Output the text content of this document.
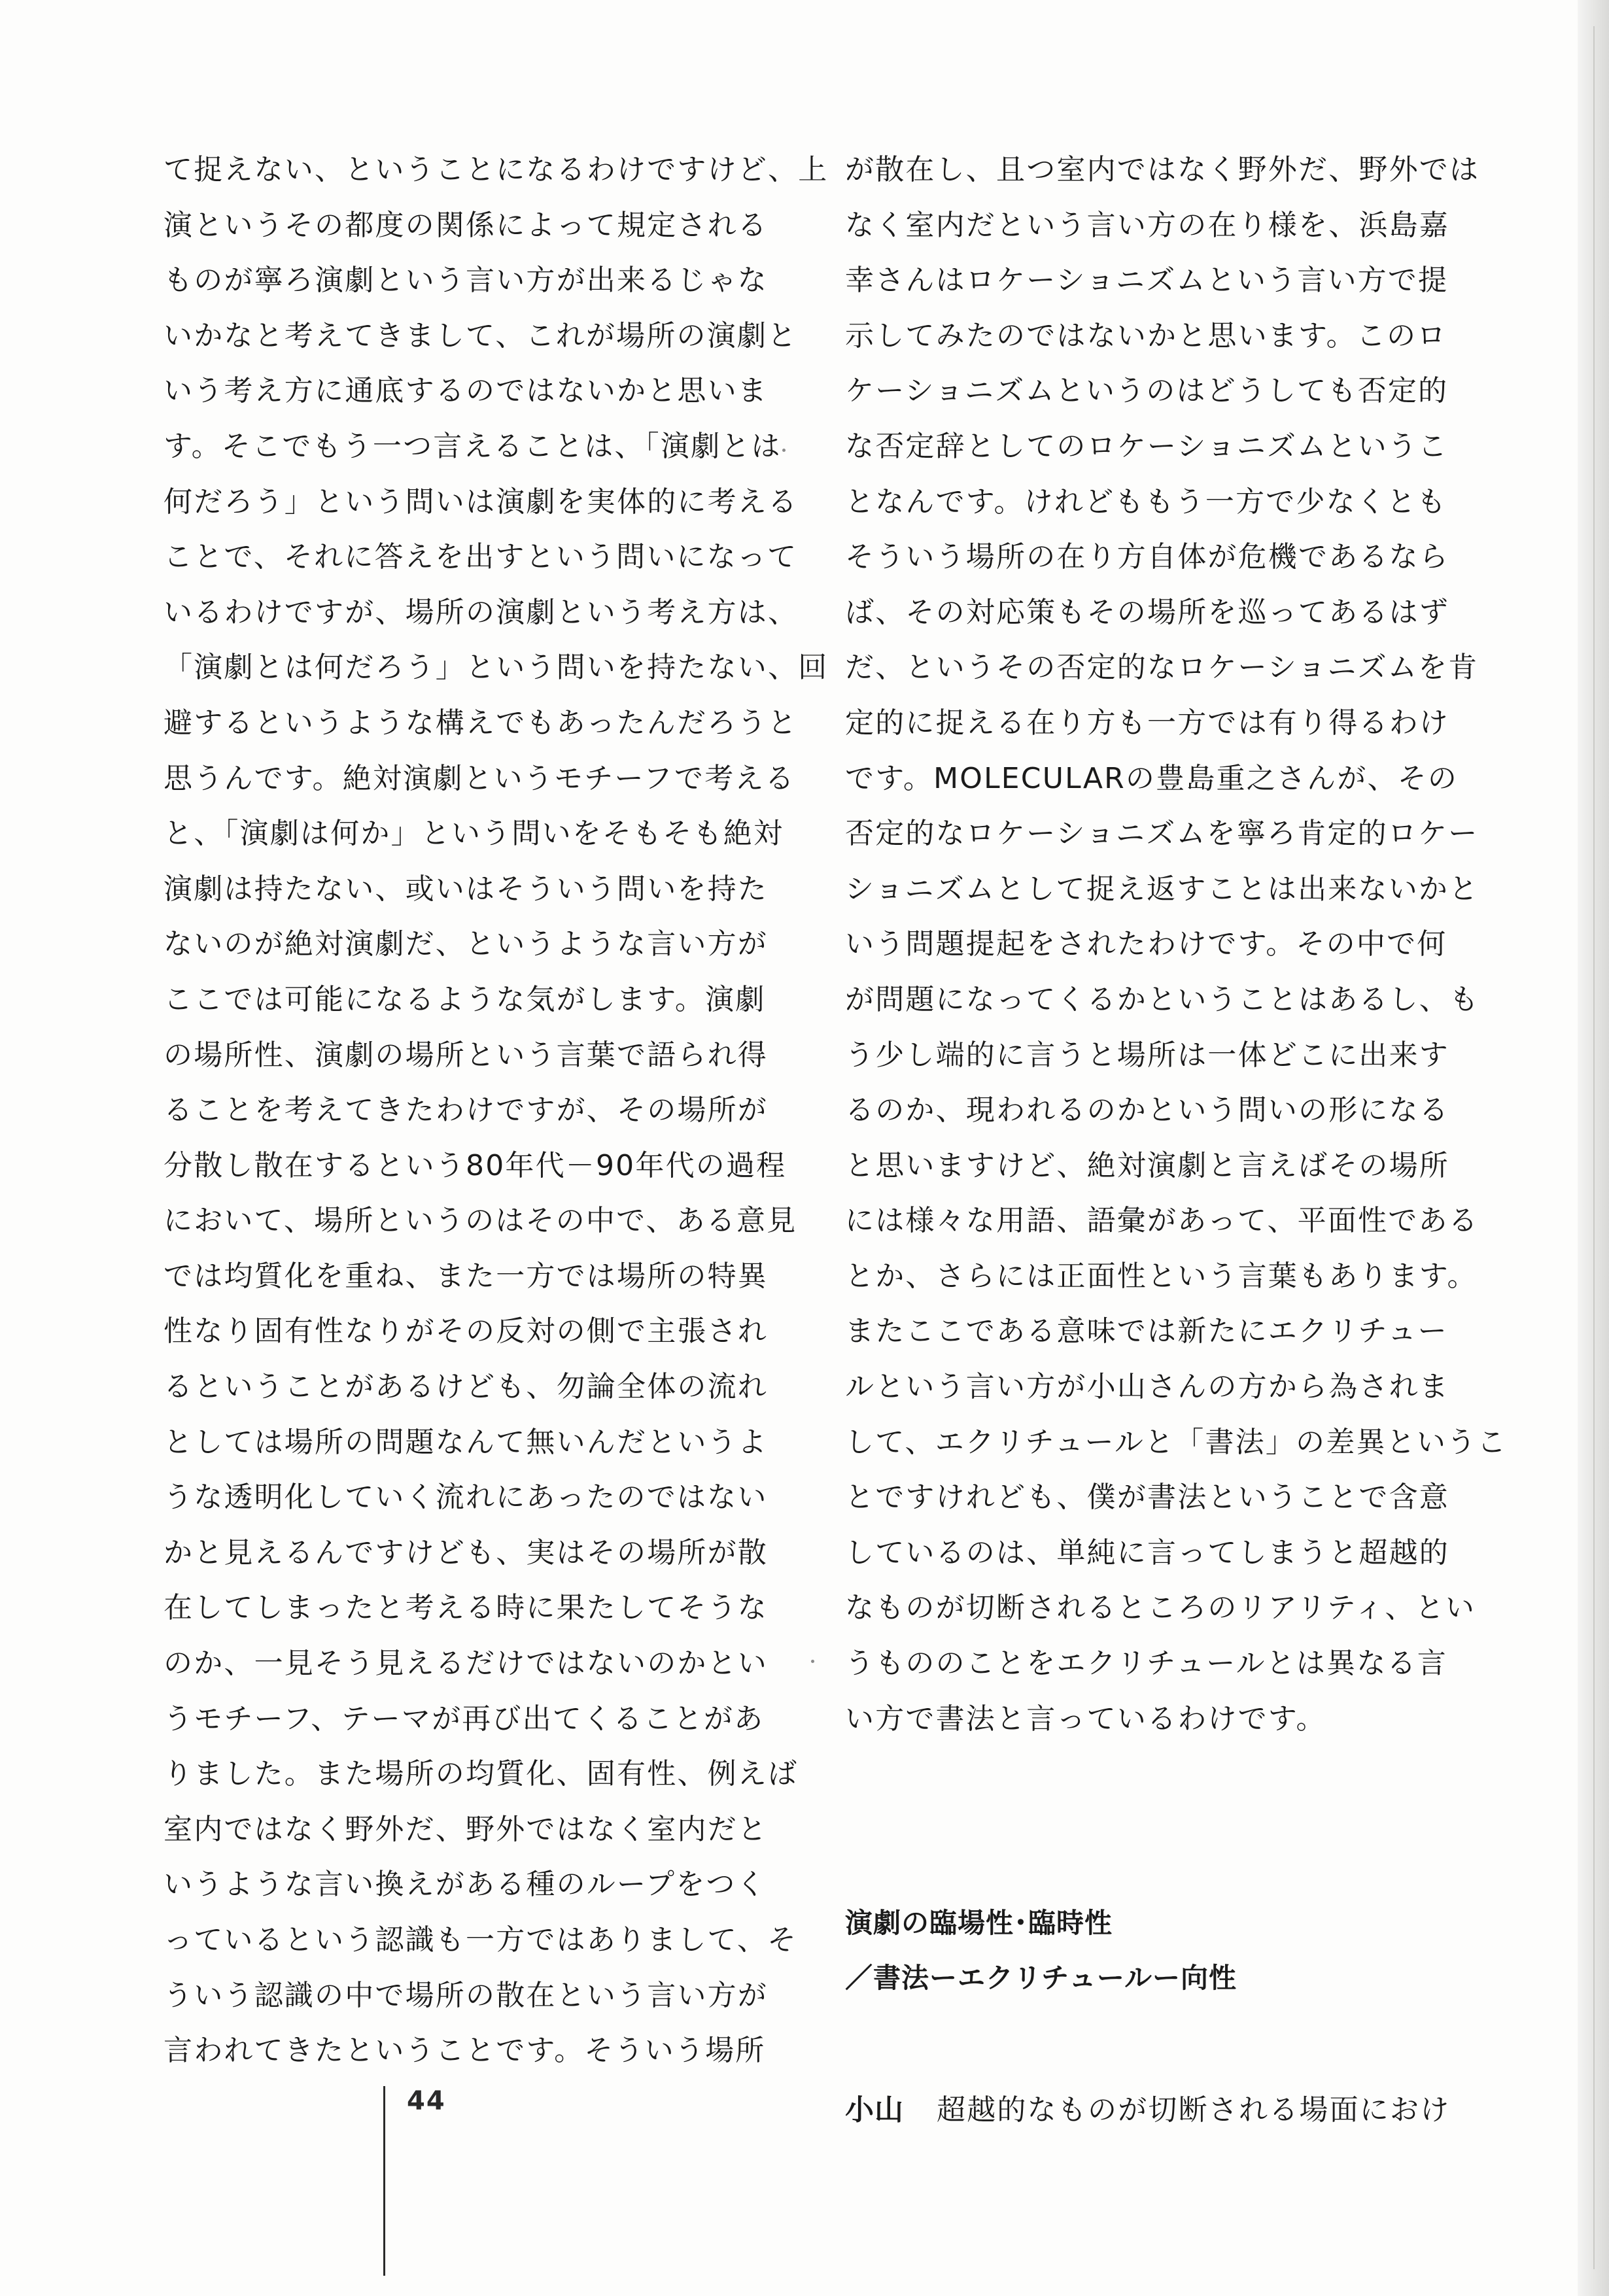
て捉えない、ということになるわけですけど、上
演というその都度の関係によって規定される
ものが寧ろ演劇という言い方が出来るじゃな
いかなと考えてきまして、これが場所の演劇と
いう考え方に通底するのではないかと思いま
す。そこでもう一つ言えることは、「演劇とは
何だろう」という問いは演劇を実体的に考える
ことで、それに答えを出すという問いになって
いるわけですが、場所の演劇という考え方は、
「演劇とは何だろう」という問いを持たない、回
避するというような構えでもあったんだろうと
思うんです。絶対演劇というモチーフで考える
と、「演劇は何か」という問いをそもそも絶対
演劇は持たない、或いはそういう問いを持た
ないのが絶対演劇だ、というような言い方が
ここでは可能になるような気がします。演劇
の場所性、演劇の場所という言葉で語られ得
ることを考えてきたわけですが、その場所が
分散し散在するという80年代－90年代の過程
において、場所というのはその中で、ある意見
では均質化を重ね、また一方では場所の特異
性なり固有性なりがその反対の側で主張され
るということがあるけども、勿論全体の流れ
としては場所の問題なんて無いんだというよ
うな透明化していく流れにあったのではない
かと見えるんですけども、実はその場所が散
在してしまったと考える時に果たしてそうな
のか、一見そう見えるだけではないのかとい
うモチーフ、テーマが再び出てくることがあ
りました。また場所の均質化、固有性、例えば
室内ではなく野外だ、野外ではなく室内だと
いうような言い換えがある種のループをつく
っているという認識も一方ではありまして、そ
ういう認識の中で場所の散在という言い方が
言われてきたということです。そういう場所
が散在し、且つ室内ではなく野外だ、野外では
なく室内だという言い方の在り様を、浜島嘉
幸さんはロケーショニズムという言い方で提
示してみたのではないかと思います。このロ
ケーショニズムというのはどうしても否定的
な否定辞としてのロケーショニズムというこ
となんです。けれどももう一方で少なくとも
そういう場所の在り方自体が危機であるなら
ば、その対応策もその場所を巡ってあるはず
だ、というその否定的なロケーショニズムを肯
定的に捉える在り方も一方では有り得るわけ
です。MOLECULARの豊島重之さんが、その
否定的なロケーショニズムを寧ろ肯定的ロケー
ショニズムとして捉え返すことは出来ないかと
いう問題提起をされたわけです。その中で何
が問題になってくるかということはあるし、も
う少し端的に言うと場所は一体どこに出来す
るのか、現われるのかという問いの形になる
と思いますけど、絶対演劇と言えばその場所
には様々な用語、語彙があって、平面性である
とか、さらには正面性という言葉もあります。
またここである意味では新たにエクリチュー
ルという言い方が小山さんの方から為されま
して、エクリチュールと「書法」の差異というこ
とですけれども、僕が書法ということで含意
しているのは、単純に言ってしまうと超越的
なものが切断されるところのリアリティ、とい
うもののことをエクリチュールとは異なる言
い方で書法と言っているわけです。
演劇の臨場性･臨時性
／書法ーエクリチュールー向性
小山 超越的なものが切断される場面におけ
44
